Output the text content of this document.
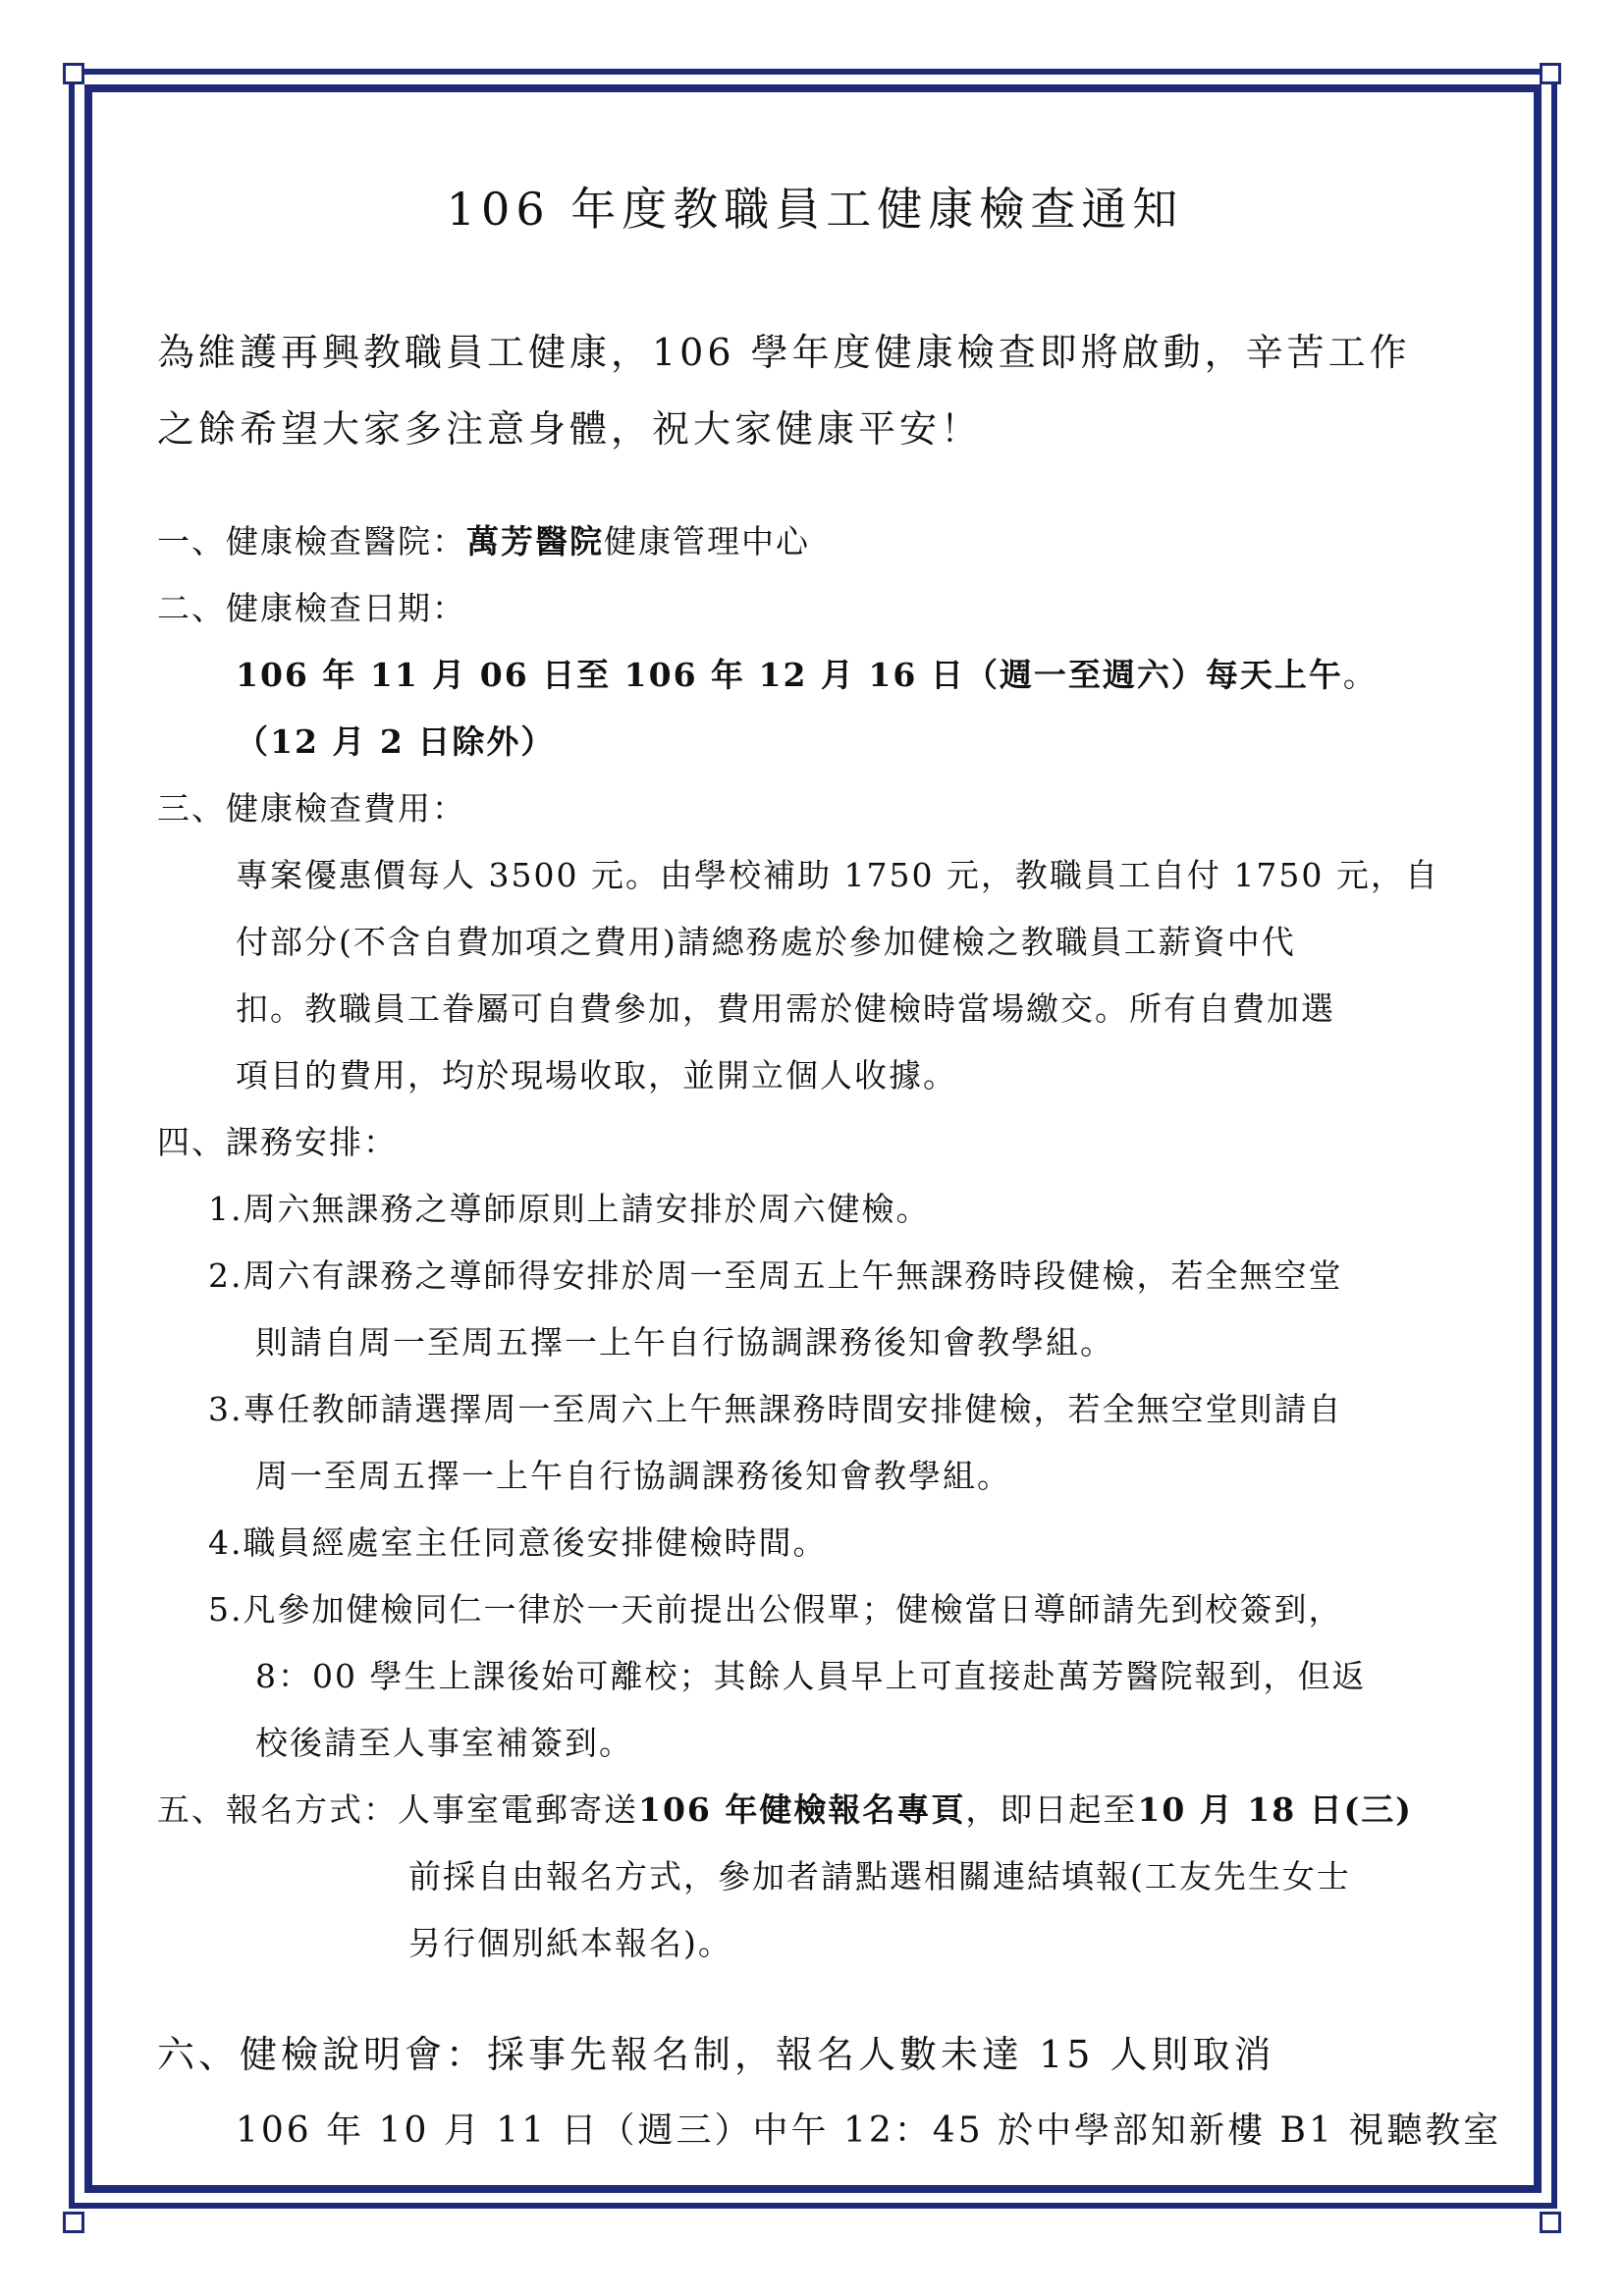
106 年度教職員工健康檢查通知
為維護再興教職員工健康，106 學年度健康檢查即將啟動，辛苦工作
之餘希望大家多注意身體，祝大家健康平安！
一、健康檢查醫院：萬芳醫院健康管理中心
二、健康檢查日期：
106 年 11 月 06 日至 106 年 12 月 16 日（週一至週六）每天上午。
（12 月 2 日除外）
三、健康檢查費用：
專案優惠價每人 3500 元。由學校補助 1750 元，教職員工自付 1750 元，自
付部分(不含自費加項之費用)請總務處於參加健檢之教職員工薪資中代
扣。教職員工眷屬可自費參加，費用需於健檢時當場繳交。所有自費加選
項目的費用，均於現場收取，並開立個人收據。
四、課務安排：
1.周六無課務之導師原則上請安排於周六健檢。
2.周六有課務之導師得安排於周一至周五上午無課務時段健檢，若全無空堂
則請自周一至周五擇一上午自行協調課務後知會教學組。
3.專任教師請選擇周一至周六上午無課務時間安排健檢，若全無空堂則請自
周一至周五擇一上午自行協調課務後知會教學組。
4.職員經處室主任同意後安排健檢時間。
5.凡參加健檢同仁一律於一天前提出公假單；健檢當日導師請先到校簽到，
8：00 學生上課後始可離校；其餘人員早上可直接赴萬芳醫院報到，但返
校後請至人事室補簽到。
五、報名方式：人事室電郵寄送106 年健檢報名專頁，即日起至10 月 18 日(三)
前採自由報名方式，參加者請點選相關連結填報(工友先生女士
另行個別紙本報名)。
六、健檢說明會：採事先報名制，報名人數未達 15 人則取消
106 年 10 月 11 日（週三）中午 12：45 於中學部知新樓 B1 視聽教室
